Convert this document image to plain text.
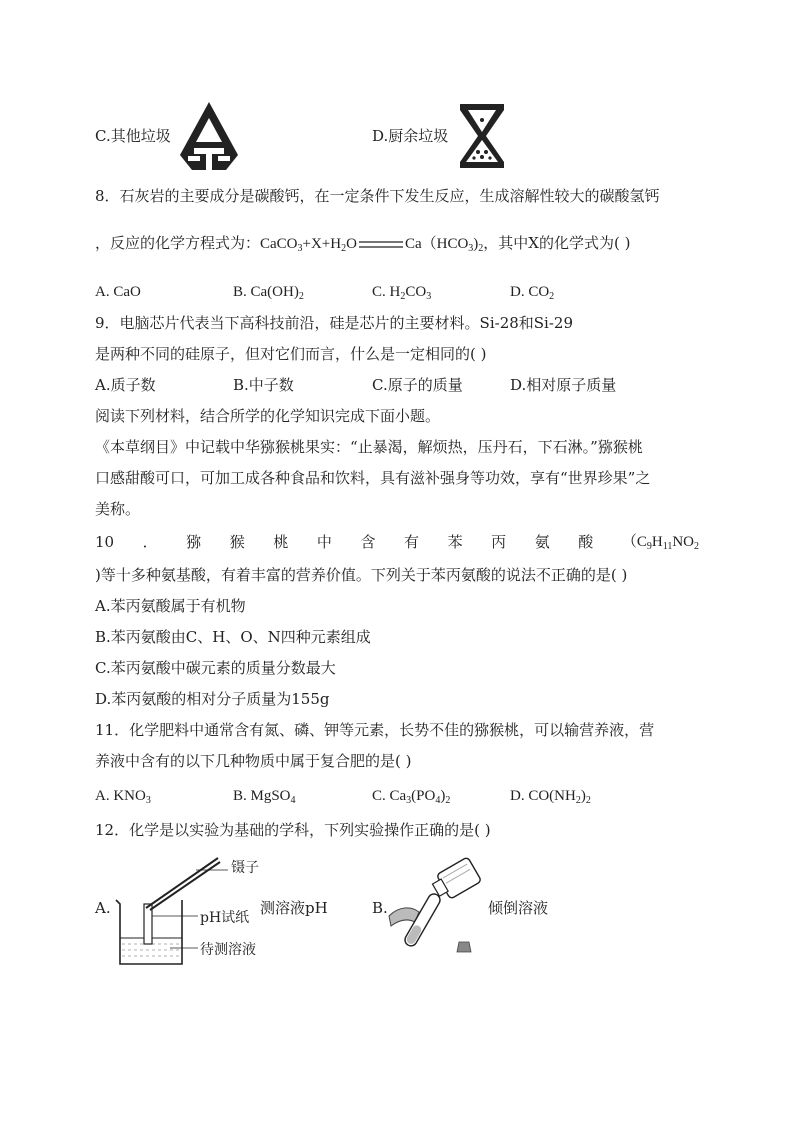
C.其他垃圾	D.厨余垃圾
8．石灰岩的主要成分是碳酸钙，在一定条件下发生反应，生成溶解性较大的碳酸氢钙
，反应的化学方程式为：$CaCO_3+X+H_2O$	$Ca(HCO_3)_2$，其中X的化学式为( )
A. CaO	B. $Ca(OH)_2$	C. $H_2CO_3$	D. $CO_2$
9．电脑芯片代表当下高科技前沿，硅是芯片的主要材料。Si-28和Si-29
是两种不同的硅原子，但对它们而言，什么是一定相同的( )
A.质子数	B.中子数	C.原子的质量	D.相对原子质量
阅读下列材料，结合所学的化学知识完成下面小题。
《本草纲目》中记载中华猕猴桃果实：“止暴渴，解烦热，压丹石，下石淋。”猕猴桃
口感甜酸可口，可加工成各种食品和饮料，具有滋补强身等功效，享有“世界珍果”之
美称。
10 ． 猕 猴 桃 中 含 有 苯 丙 氨 酸 （$C_9H_{11}NO_2$
)等十多种氨基酸，有着丰富的营养价值。下列关于苯丙氨酸的说法不正确的是( )
A.苯丙氨酸属于有机物
B.苯丙氨酸由C、H、O、N四种元素组成
C.苯丙氨酸中碳元素的质量分数最大
D.苯丙氨酸的相对分子质量为155g
11．化学肥料中通常含有氮、磷、钾等元素，长势不佳的猕猴桃，可以输营养液，营
养液中含有的以下几种物质中属于复合肥的是( )
A. $KNO_3$	B. MgSO$_4$	C. $Ca_3(PO_4)_2$	D. $CO(NH_2)_2$
12．化学是以实验为基础的学科，下列实验操作正确的是( )
A.
镊子
pH试纸
待测溶液
测溶液pH	B.	倾倒溶液
